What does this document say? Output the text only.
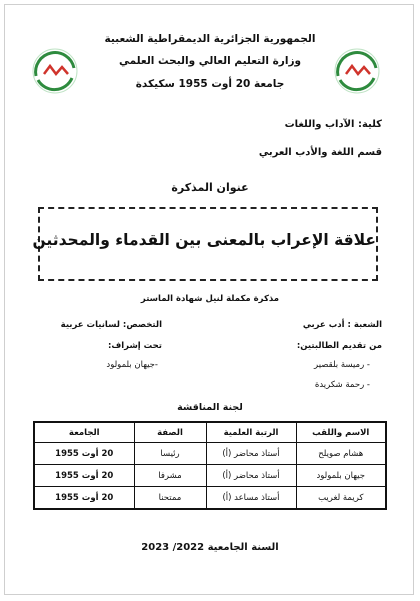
الجمهورية الجزائرية الديمقراطية الشعبية
وزارة التعليم العالي والبحث العلمي
جامعة 20 أوت 1955 سكيكدة
كلية: الآداب واللغات
قسم اللغة والأدب العربي
عنوان المذكرة
علاقة الإعراب بالمعنى بين القدماء والمحدثين
مذكرة مكملة لنيل شهادة الماستر
الشعبة : أدب عربي
التخصص: لسانيات عربية
من تقديم الطالبتين:
تحت إشراف:
- رميسة بلقصير
-جيهان بلمولود
- رحمة شكريدة
لجنة المناقشة
الاسم واللقب	الرتبة العلمية	الصفة	الجامعة
هشام صويلح	أستاذ محاضر (أ)	رئيسا	20 أوت 1955
جيهان بلمولود	أستاذ محاضر (أ)	مشرفا	20 أوت 1955
كريمة لغريب	أستاذ مساعد (أ)	ممتحنا	20 أوت 1955
السنة الجامعية 2022/ 2023
